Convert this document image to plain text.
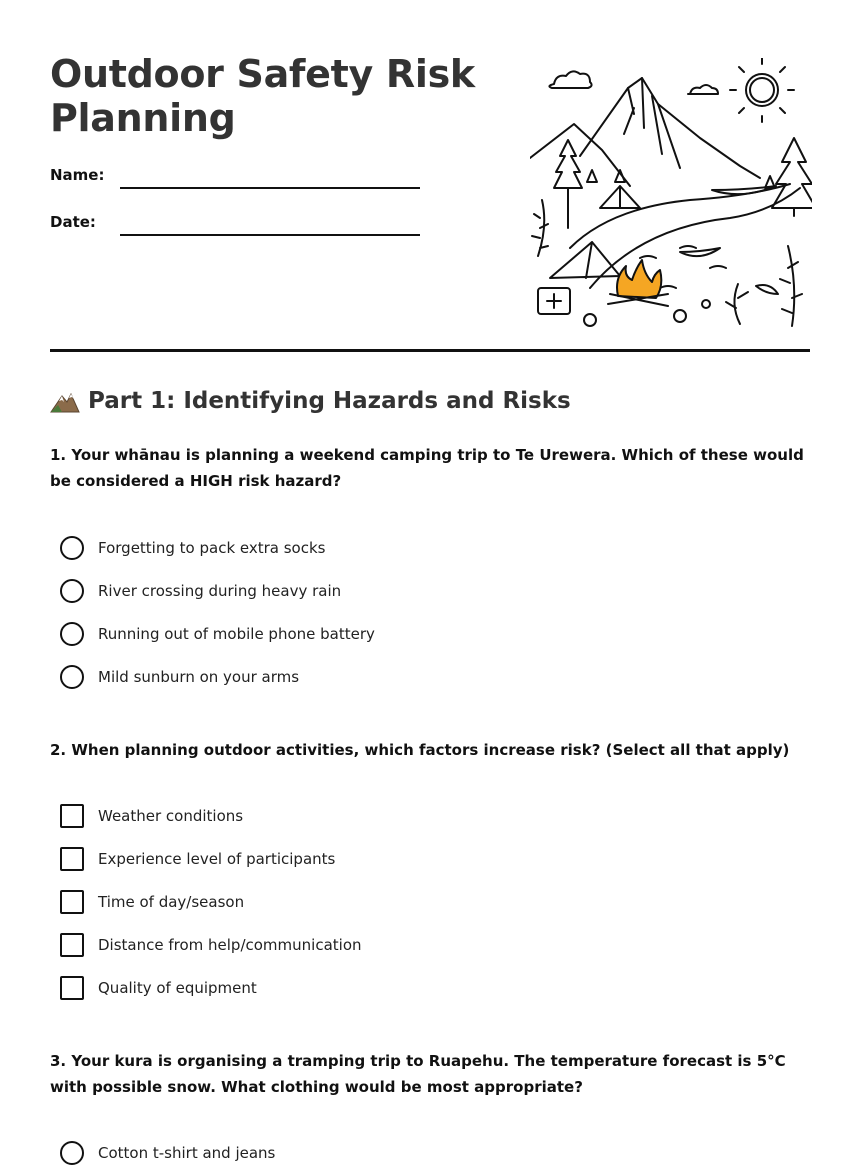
Outdoor Safety Risk Planning
Name:
Date:
Part 1: Identifying Hazards and Risks
1. Your whānau is planning a weekend camping trip to Te Urewera. Which of these would be considered a HIGH risk hazard?
Forgetting to pack extra socks
River crossing during heavy rain
Running out of mobile phone battery
Mild sunburn on your arms
2. When planning outdoor activities, which factors increase risk? (Select all that apply)
Weather conditions
Experience level of participants
Time of day/season
Distance from help/communication
Quality of equipment
3. Your kura is organising a tramping trip to Ruapehu. The temperature forecast is 5°C with possible snow. What clothing would be most appropriate?
Cotton t-shirt and jeans
